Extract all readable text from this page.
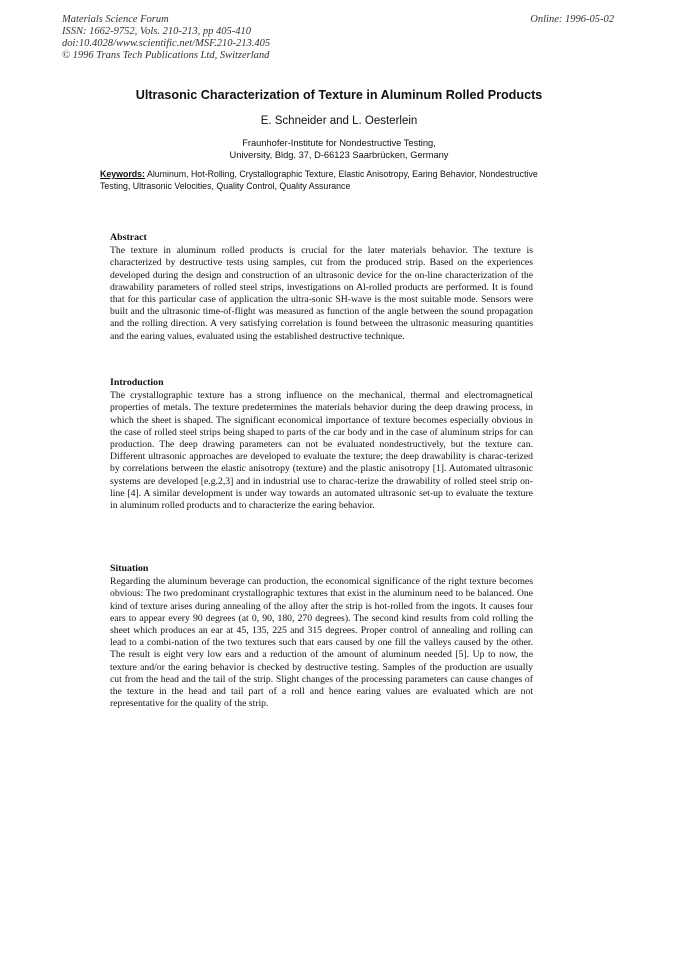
Materials Science Forum
ISSN: 1662-9752, Vols. 210-213, pp 405-410
doi:10.4028/www.scientific.net/MSF.210-213.405
© 1996 Trans Tech Publications Ltd, Switzerland
Online: 1996-05-02
Ultrasonic Characterization of Texture in Aluminum Rolled Products
E. Schneider and L. Oesterlein
Fraunhofer-Institute for Nondestructive Testing,
University, Bldg. 37, D-66123 Saarbrücken, Germany
Keywords: Aluminum, Hot-Rolling, Crystallographic Texture, Elastic Anisotropy, Earing Behavior, Nondestructive Testing, Ultrasonic Velocities, Quality Control, Quality Assurance
Abstract

The texture in aluminum rolled products is crucial for the later materials behavior. The texture is characterized by destructive tests using samples, cut from the produced strip. Based on the experiences developed during the design and construction of an ultrasonic device for the on-line characterization of the drawability parameters of rolled steel strips, investigations on Al-rolled products are performed. It is found that for this particular case of application the ultra-sonic SH-wave is the most suitable mode. Sensors were built and the ultrasonic time-of-flight was measured as function of the angle between the sound propagation and the rolling direction. A very satisfying correlation is found between the ultrasonic measuring quantities and the earing values, evaluated using the established destructive technique.

Introduction

The crystallographic texture has a strong influence on the mechanical, thermal and electromagnetical properties of metals. The texture predetermines the materials behavior during the deep drawing process, in which the sheet is shaped. The significant economical importance of texture becomes especially obvious in the case of rolled steel strips being shaped to parts of the car body and in the case of aluminum strips for can production. The deep drawing parameters can not be evaluated nondestructively, but the texture can. Different ultrasonic approaches are developed to evaluate the texture; the deep drawability is charac-terized by correlations between the elastic anisotropy (texture) and the plastic anisotropy [1]. Automated ultrasonic systems are developed [e.g.2,3] and in industrial use to charac-terize the drawability of rolled steel strip on-line [4]. A similar development is under way towards an automated ultrasonic set-up to evaluate the texture in aluminum rolled products and to characterize the earing behavior.

Situation

Regarding the aluminum beverage can production, the economical significance of the right texture becomes obvious: The two predominant crystallographic textures that exist in the aluminum need to be balanced. One kind of texture arises during annealing of the alloy after the strip is hot-rolled from the ingots. It causes four ears to appear every 90 degrees (at 0, 90, 180, 270 degrees). The second kind results from cold rolling the sheet which produces an ear at 45, 135, 225 and 315 degrees. Proper control of annealing and rolling can lead to a combi-nation of the two textures such that ears caused by one fill the valleys caused by the other. The result is eight very low ears and a reduction of the amount of aluminum needed [5]. Up to now, the texture and/or the earing behavior is checked by destructive testing. Samples of the production are usually cut from the head and the tail of the strip. Slight changes of the processing parameters can cause changes of the texture in the head and tail part of a roll and hence earing values are evaluated which are not representative for the quality of the strip.
